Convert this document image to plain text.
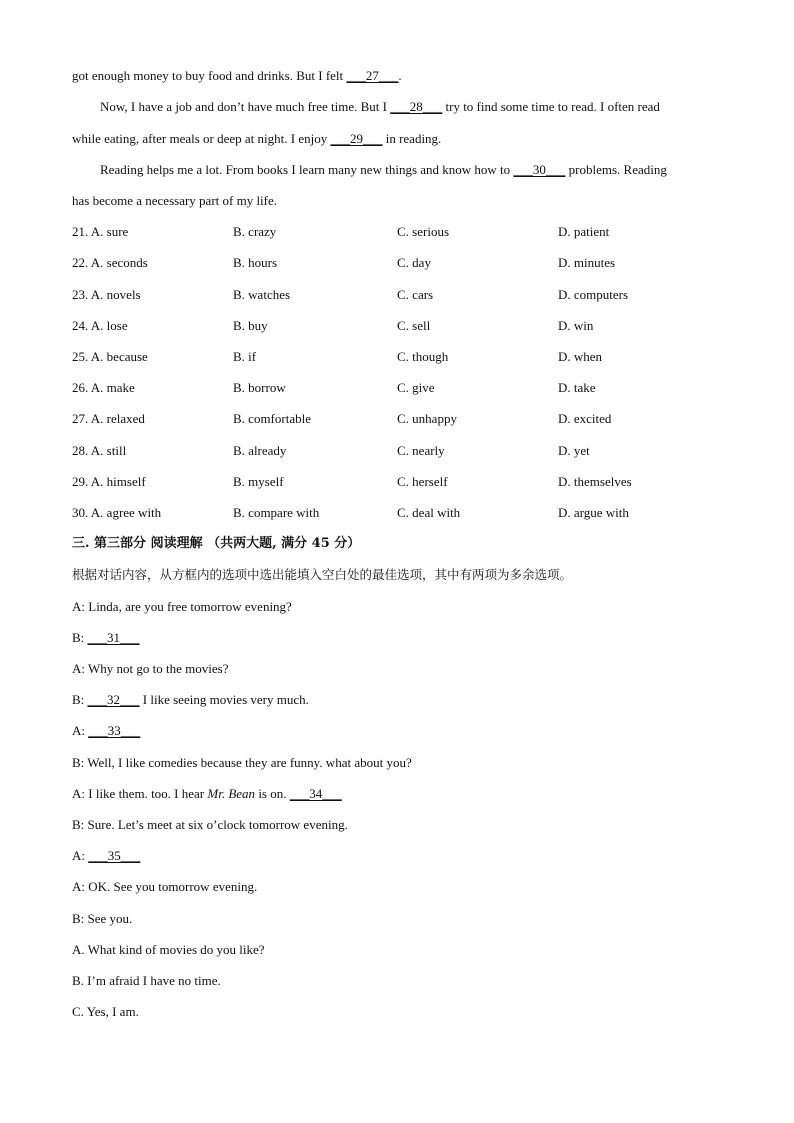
got enough money to buy food and drinks. But I felt ___27___.
Now, I have a job and don’t have much free time. But I ___28___ try to find some time to read. I often read
while eating, after meals or deep at night. I enjoy ___29___ in reading.
Reading helps me a lot. From books I learn many new things and know how to ___30___ problems. Reading
has become a necessary part of my life.
21. A. sure	B. crazy	C. serious	D. patient
22. A. seconds	B. hours	C. day	D. minutes
23. A. novels	B. watches	C. cars	D. computers
24. A. lose	B. buy	C. sell	D. win
25. A. because	B. if	C. though	D. when
26. A. make	B. borrow	C. give	D. take
27. A. relaxed	B. comfortable	C. unhappy	D. excited
28. A. still	B. already	C. nearly	D. yet
29. A. himself	B. myself	C. herself	D. themselves
30. A. agree with	B. compare with	C. deal with	D. argue with
三. 第三部分 阅读理解 （共两大题, 满分 45 分）
根据对话内容，从方框内的选项中选出能填入空白处的最佳选项，其中有两项为多余选项。
A: Linda, are you free tomorrow evening?
B: ___31___
A: Why not go to the movies?
B: ___32___ I like seeing movies very much.
A: ___33___
B: Well, I like comedies because they are funny. what about you?
A: I like them. too. I hear Mr. Bean is on. ___34___
B: Sure. Let’s meet at six o’clock tomorrow evening.
A: ___35___
A: OK. See you tomorrow evening.
B: See you.
A. What kind of movies do you like?
B. I’m afraid I have no time.
C. Yes, I am.
